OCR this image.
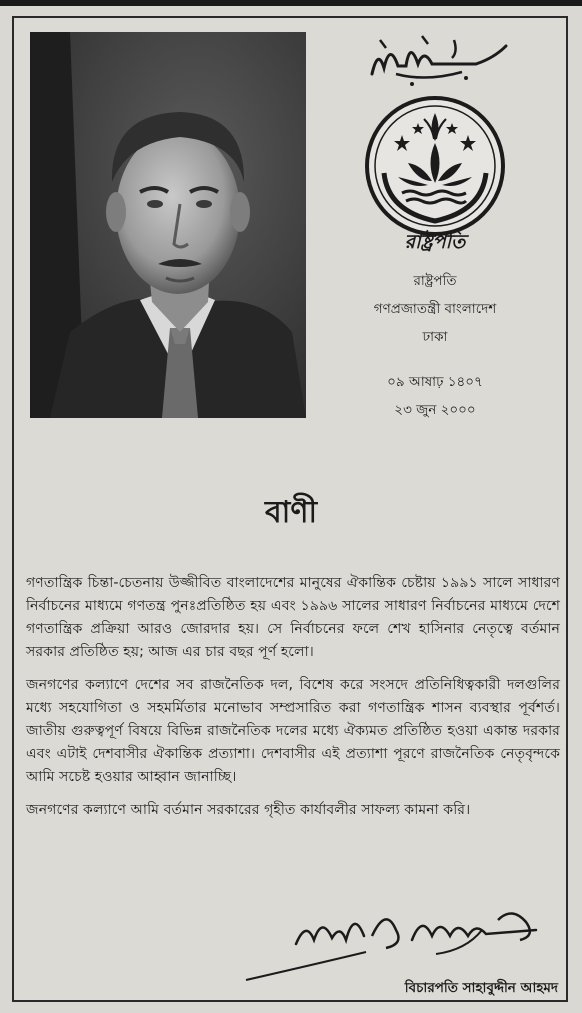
রাষ্ট্রপতি
রাষ্ট্রপতি
গণপ্রজাতন্ত্রী বাংলাদেশ
ঢাকা
০৯ আষাঢ় ১৪০৭
২৩ জুন ২০০০
বাণী

গণতান্ত্রিক চিন্তা-চেতনায় উজ্জীবিত বাংলাদেশের মানুষের ঐকান্তিক চেষ্টায় ১৯৯১ সালে সাধারণ নির্বাচনের মাধ্যমে গণতন্ত্র পুনঃপ্রতিষ্ঠিত হয় এবং ১৯৯৬ সালের সাধারণ নির্বাচনের মাধ্যমে দেশে গণতান্ত্রিক প্রক্রিয়া আরও জোরদার হয়। সে নির্বাচনের ফলে শেখ হাসিনার নেতৃত্বে বর্তমান সরকার প্রতিষ্ঠিত হয়; আজ এর চার বছর পূর্ণ হলো।

জনগণের কল্যাণে দেশের সব রাজনৈতিক দল, বিশেষ করে সংসদে প্রতিনিধিত্বকারী দলগুলির মধ্যে সহযোগিতা ও সহমর্মিতার মনোভাব সম্প্রসারিত করা গণতান্ত্রিক শাসন ব্যবস্থার পূর্বশর্ত। জাতীয় গুরুত্বপূর্ণ বিষয়ে বিভিন্ন রাজনৈতিক দলের মধ্যে ঐক্যমত প্রতিষ্ঠিত হওয়া একান্ত দরকার এবং এটাই দেশবাসীর ঐকান্তিক প্রত্যাশা। দেশবাসীর এই প্রত্যাশা পূরণে রাজনৈতিক নেতৃবৃন্দকে আমি সচেষ্ট হওয়ার আহ্বান জানাচ্ছি।

জনগণের কল্যাণে আমি বর্তমান সরকারের গৃহীত কার্যাবলীর সাফল্য কামনা করি।

বিচারপতি সাহাবুদ্দীন আহমদ
